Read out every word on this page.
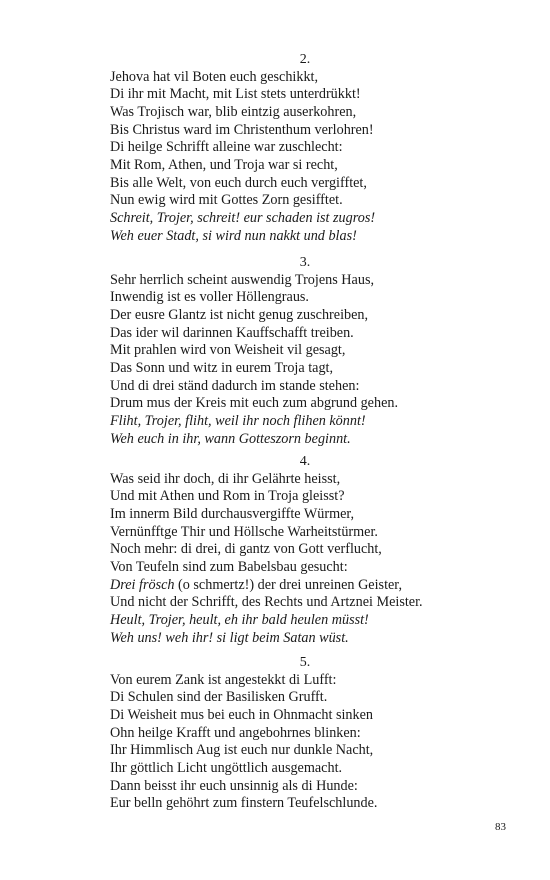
2.
Jehova hat vil Boten euch geschikkt,
Di ihr mit Macht, mit List stets unterdrükkt!
Was Trojisch war, blib eintzig auserkohren,
Bis Christus ward im Christenthum verlohren!
Di heilge Schrifft alleine war zuschlecht:
Mit Rom, Athen, und Troja war si recht,
Bis alle Welt, von euch durch euch vergifftet,
Nun ewig wird mit Gottes Zorn gesifftet.
Schreit, Trojer, schreit! eur schaden ist zugros!
Weh euer Stadt, si wird nun nakkt und blas!
3.
Sehr herrlich scheint auswendig Trojens Haus,
Inwendig ist es voller Höllengraus.
Der eusre Glantz ist nicht genug zuschreiben,
Das ider wil darinnen Kauffschafft treiben.
Mit prahlen wird von Weisheit vil gesagt,
Das Sonn und witz in eurem Troja tagt,
Und di drei ständ dadurch im stande stehen:
Drum mus der Kreis mit euch zum abgrund gehen.
Fliht, Trojer, fliht, weil ihr noch flihen könnt!
Weh euch in ihr, wann Gotteszorn beginnt.
4.
Was seid ihr doch, di ihr Gelährte heisst,
Und mit Athen und Rom in Troja gleisst?
Im innerm Bild durchausvergiffte Würmer,
Vernünfftge Thir und Höllsche Warheitstürmer.
Noch mehr: di drei, di gantz von Gott verflucht,
Von Teufeln sind zum Babelsbau gesucht:
Drei frösch (o schmertz!) der drei unreinen Geister,
Und nicht der Schrifft, des Rechts und Artznei Meister.
Heult, Trojer, heult, eh ihr bald heulen müsst!
Weh uns! weh ihr! si ligt beim Satan wüst.
5.
Von eurem Zank ist angestekkt di Lufft:
Di Schulen sind der Basilisken Grufft.
Di Weisheit mus bei euch in Ohnmacht sinken
Ohn heilge Krafft und angebohrnes blinken:
Ihr Himmlisch Aug ist euch nur dunkle Nacht,
Ihr göttlich Licht ungöttlich ausgemacht.
Dann beisst ihr euch unsinnig als di Hunde:
Eur belln gehöhrt zum finstern Teufelschlunde.
83
